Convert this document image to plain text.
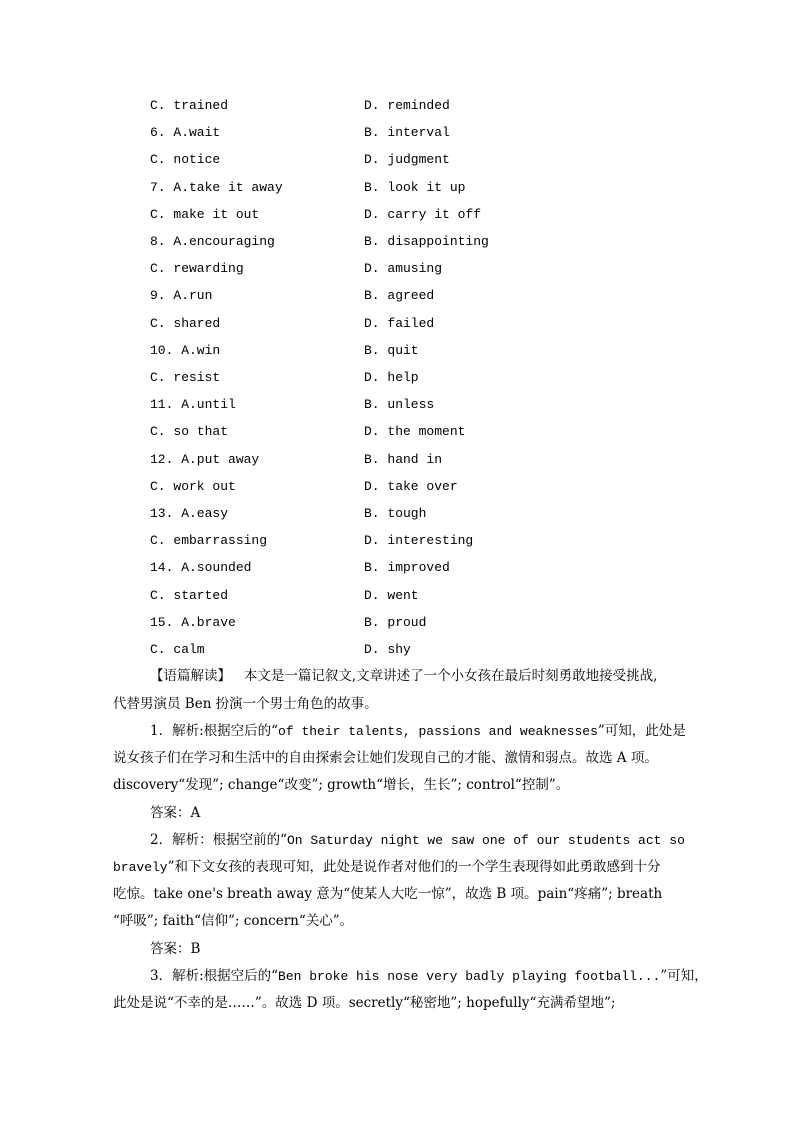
C. trained	D. reminded
6. A.wait	B. interval
C. notice	D. judgment
7. A.take it away	B. look it up
C. make it out	D. carry it off
8. A.encouraging	B. disappointing
C. rewarding	D. amusing
9. A.run	B. agreed
C. shared	D. failed
10. A.win	B. quit
C. resist	D. help
11. A.until	B. unless
C. so that	D. the moment
12. A.put away	B. hand in
C. work out	D. take over
13. A.easy	B. tough
C. embarrassing	D. interesting
14. A.sounded	B. improved
C. started	D. went
15. A.brave	B. proud
C. calm	D. shy
【语篇解读】 本文是一篇记叙文,文章讲述了一个小女孩在最后时刻勇敢地接受挑战,
代替男演员 Ben 扮演一个男士角色的故事。
1．解析:根据空后的“of their talents, passions and weaknesses”可知，此处是
说女孩子们在学习和生活中的自由探索会让她们发现自己的才能、激情和弱点。故选 A 项。
discovery“发现”; change“改变”; growth“增长，生长”; control“控制”。
答案：A
2．解析：根据空前的“On Saturday night we saw one of our students act so
bravely”和下文女孩的表现可知，此处是说作者对他们的一个学生表现得如此勇敢感到十分
吃惊。take one's breath away 意为“使某人大吃一惊”，故选 B 项。pain“疼痛”; breath
“呼吸”; faith“信仰”; concern“关心”。
答案：B
3．解析:根据空后的“Ben broke his nose very badly playing football...”可知，
此处是说“不幸的是……”。故选 D 项。secretly“秘密地”; hopefully“充满希望地”;
